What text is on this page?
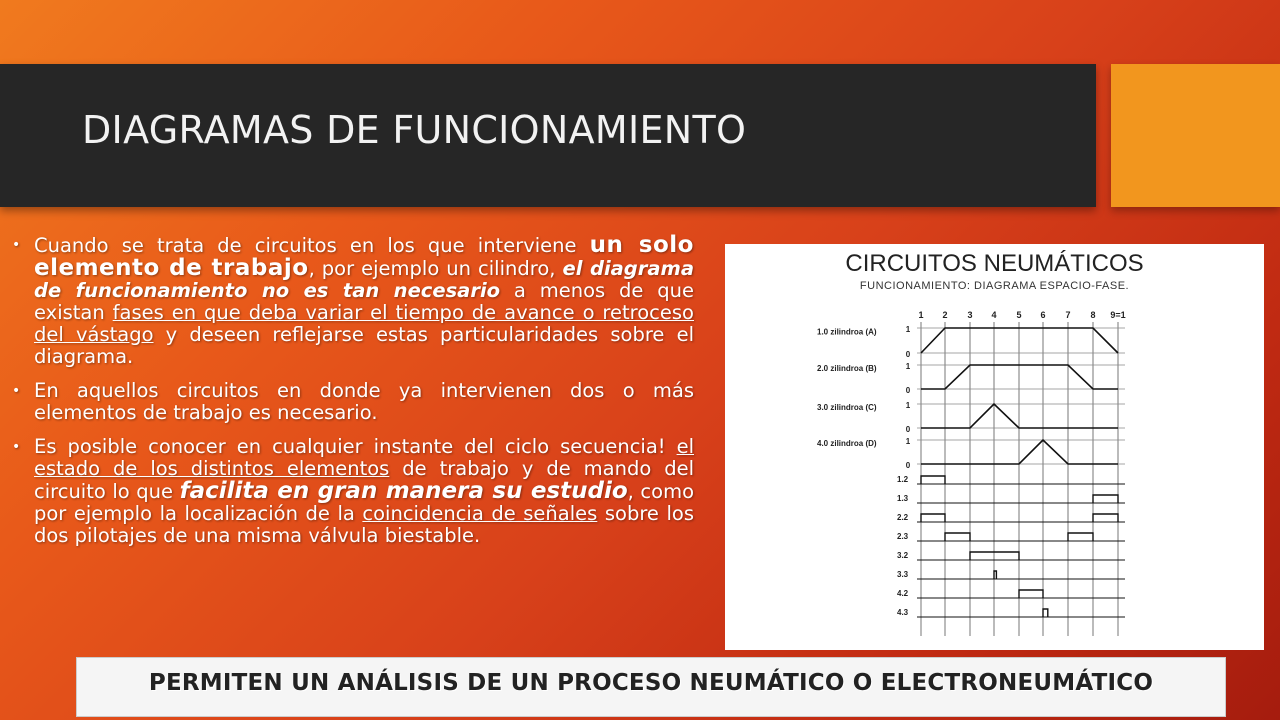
DIAGRAMAS DE FUNCIONAMIENTO
• Cuando se trata de circuitos en los que interviene un solo elemento de trabajo, por ejemplo un cilindro, el diagrama de funcionamiento no es tan necesario a menos de que existan fases en que deba variar el tiempo de avance o retroceso del vástago y deseen reflejarse estas particularidades sobre el diagrama.
• En aquellos circuitos en donde ya intervienen dos o más elementos de trabajo es necesario.
• Es posible conocer en cualquier instante del ciclo secuencia! el estado de los distintos elementos de trabajo y de mando del circuito lo que facilita en gran manera su estudio, como por ejemplo la localización de la coincidencia de señales sobre los dos pilotajes de una misma válvula biestable.
CIRCUITOS NEUMÁTICOS
FUNCIONAMIENTO: DIAGRAMA ESPACIO-FASE.
1 2 3 4 5 6 7 8 9=1
1.0 zilindroa (A)	1
0
2.0 zilindroa (B)	1
0
3.0 zilindroa (C)	1
0
4.0 zilindroa (D)	1
0
1.2
1.3
2.2
2.3
3.2
3.3
4.2
4.3
PERMITEN UN ANÁLISIS DE UN PROCESO NEUMÁTICO O ELECTRONEUMÁTICO
